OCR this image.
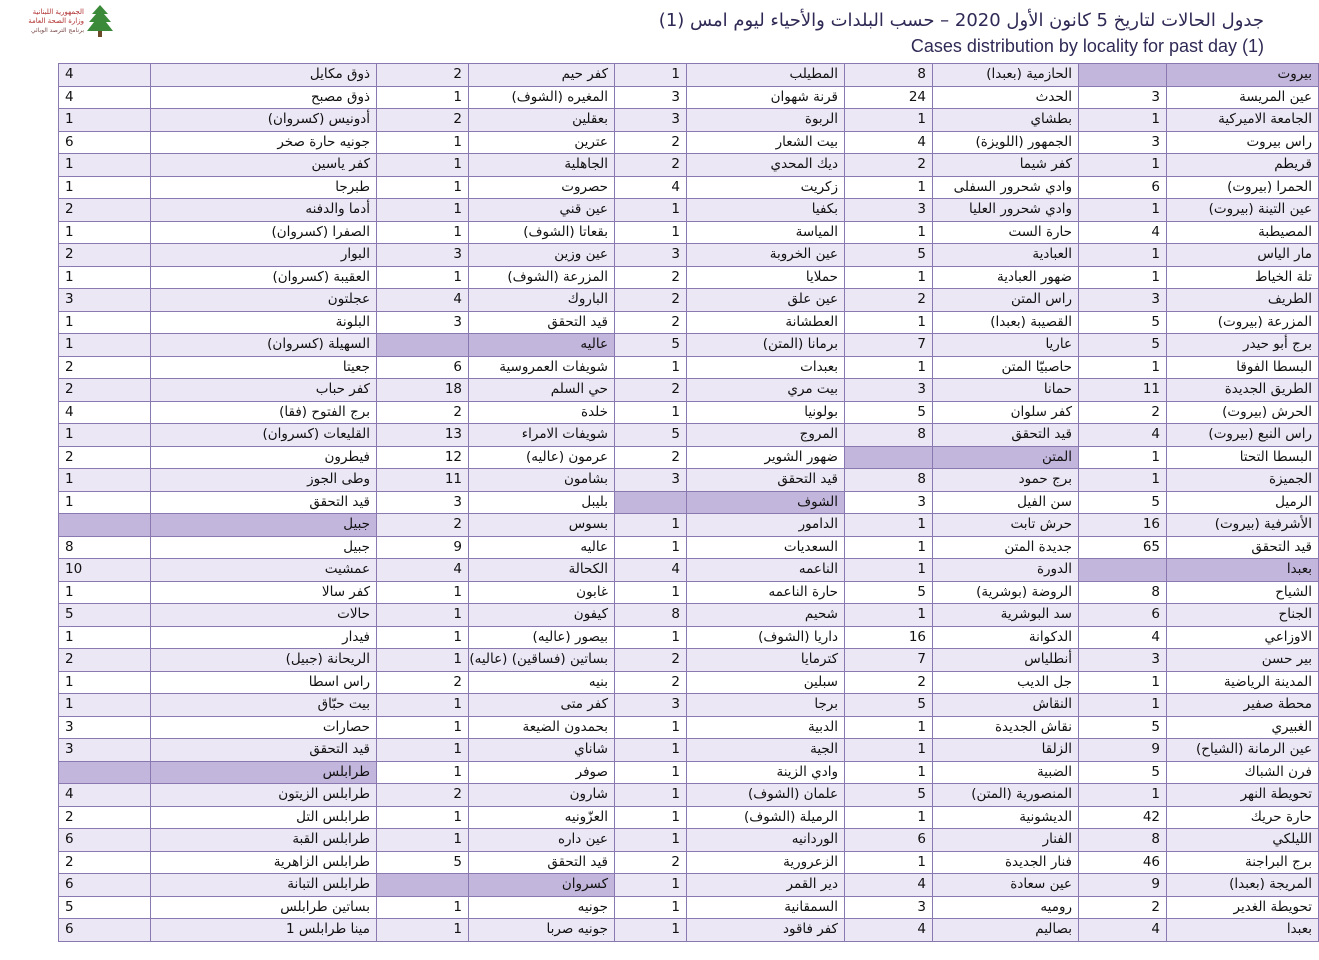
الجمهورية اللبنانية
وزارة الصحة العامة
برنامج الترصد الوبائي	جدول الحالات لتاريخ 5 كانون الأول 2020 – حسب البلدات والأحياء ليوم امس (1)
Cases distribution by locality for past day (1)
4	ذوق مكايل	2	كفر حيم	1	المطيلب	8	الحازمية (بعبدا)		بيروت
4	ذوق مصبح	1	المغيره (الشوف)	3	قرنة شهوان	24	الحدث	3	عين المريسة
1	أدونيس (كسروان)	2	بعقلين	3	الربوة	1	بطشاي	1	الجامعة الاميركية
6	جونيه حارة صخر	1	عترين	2	بيت الشعار	4	الجمهور (اللويزة)	3	راس بيروت
1	كفر ياسين	1	الجاهلية	2	ديك المحدي	2	كفر شيما	1	قريطم
1	طبرجا	1	حصروت	4	زكريت	1	وادي شحرور السفلى	6	الحمرا (بيروت)
2	أدما والدفنه	1	عين قني	1	بكفيا	3	وادي شحرور العليا	1	عين التينة (بيروت)
1	الصفرا (كسروان)	1	بقعاتا (الشوف)	1	المياسة	1	حارة الست	4	المصيطبة
2	البوار	3	عين وزين	3	عين الخروبة	5	العبادية	1	مار الياس
1	العقيبة (كسروان)	1	المزرعة (الشوف)	2	حملايا	1	ضهور العبادية	1	تلة الخياط
3	عجلتون	4	الباروك	2	عين علق	2	راس المتن	3	الطريف
1	البلونة	3	قيد التحقق	2	العطشانة	1	القصيبة (بعبدا)	5	المزرعة (بيروت)
1	السهيلة (كسروان)		عاليه	5	برمانا (المتن)	7	عاريا	5	برج أبو حيدر
2	جعيتا	6	شويفات العمروسية	1	بعبدات	1	حاصبيّا المتن	1	البسطا الفوقا
2	كفر حباب	18	حي السلم	2	بيت مري	3	حمانا	11	الطريق الجديدة
4	برج الفتوح (فقا)	2	خلدة	1	بولونيا	5	كفر سلوان	2	الحرش (بيروت)
1	القليعات (كسروان)	13	شويفات الامراء	5	المروج	8	قيد التحقق	4	راس النبع (بيروت)
2	فيطرون	12	عرمون (عاليه)	2	ضهور الشوير		المتن	1	البسطا التحتا
1	وطى الجوز	11	بشامون	3	قيد التحقق	8	برج حمود	1	الجميزة
1	قيد التحقق	3	بليبل		الشوف	3	سن الفيل	5	الرميل
	جبيل	2	بسوس	1	الدامور	1	حرش تابت	16	الأشرفية (بيروت)
8	جبيل	9	عاليه	1	السعديات	1	جديدة المتن	65	قيد التحقق
10	عمشيت	4	الكحالة	4	الناعمه	1	الدورة		بعبدا
1	كفر سالا	1	غابون	1	حارة الناعمه	5	الروضة (بوشرية)	8	الشياح
5	حالات	1	كيفون	8	شحيم	1	سد البوشرية	6	الجناح
1	فيدار	1	بيصور (عاليه)	1	داريا (الشوف)	16	الدكوانة	4	الاوزاعي
2	الريحانة (جبيل)	1	بساتين (فساقين) (عاليه)	2	كترمايا	7	أنطلياس	3	بير حسن
1	راس اسطا	2	بنيه	2	سبلين	2	جل الديب	1	المدينة الرياضية
1	بيت حبّاق	1	كفر متى	3	برجا	5	النقاش	1	محطة صفير
3	حصارات	1	بحمدون الضيعة	1	الدبية	1	نقاش الجديدة	5	الغبيري
3	قيد التحقق	1	شاناي	1	الجية	1	الزلقا	9	عين الرمانة (الشياح)
	طرابلس	1	صوفر	1	وادي الزينة	1	الضبية	5	فرن الشباك
4	طرابلس الزيتون	2	شارون	1	علمان (الشوف)	5	المنصورية (المتن)	1	تحويطة النهر
2	طرابلس التل	1	العزّونيه	1	الرميلة (الشوف)	1	الديشونية	42	حارة حريك
6	طرابلس القبة	1	عين داره	1	الوردانيه	6	الفنار	8	الليلكي
2	طرابلس الزاهرية	5	قيد التحقق	2	الزعرورية	1	فنار الجديدة	46	برج البراجنة
6	طرابلس التبانة		كسروان	1	دير القمر	4	عين سعادة	9	المريجة (بعبدا)
5	بساتين طرابلس	1	جونيه	1	السمقانية	3	روميه	2	تحويطة الغدير
6	مينا طرابلس 1	1	جونيه صربا	1	كفر فاقود	4	بصاليم	4	بعبدا
